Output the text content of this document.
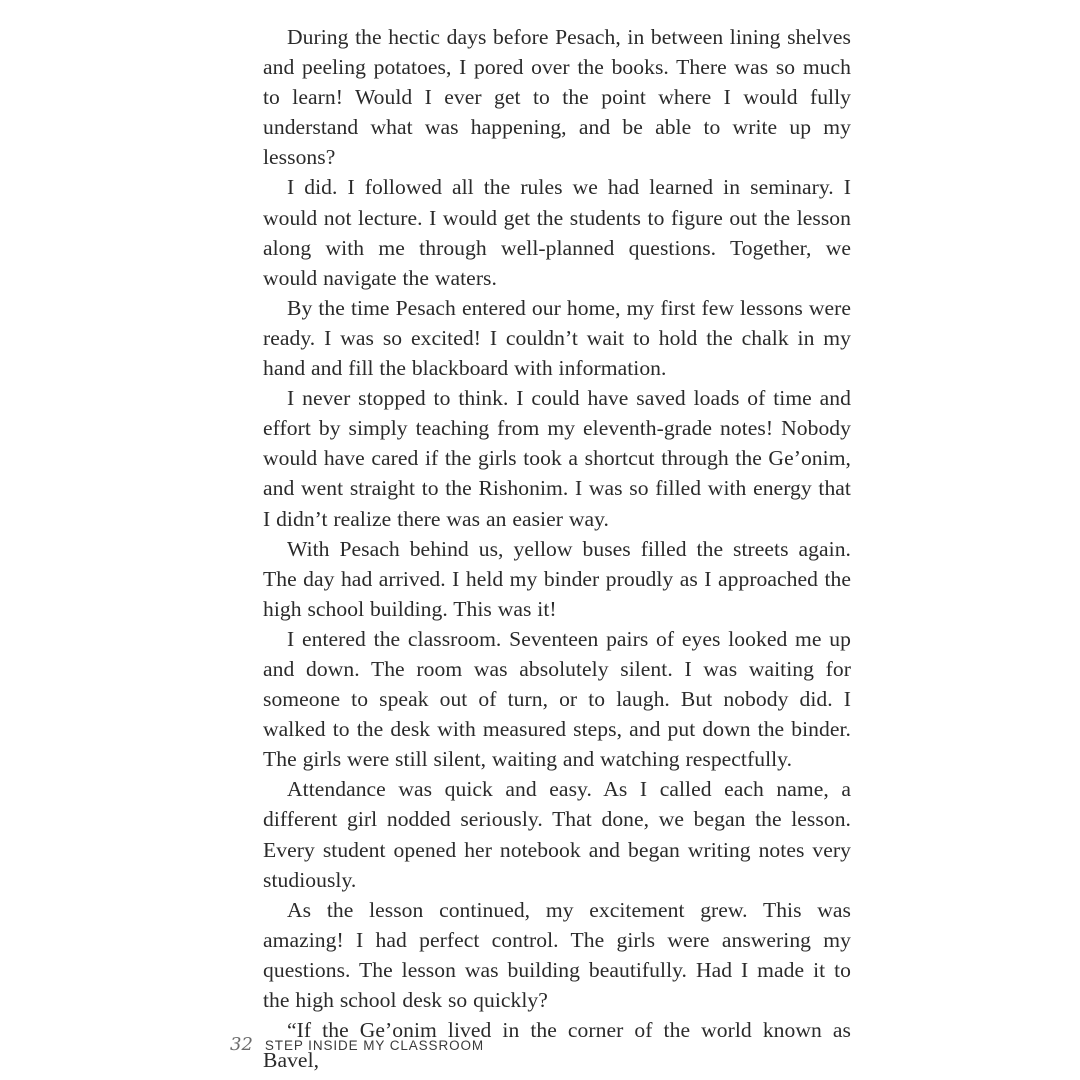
During the hectic days before Pesach, in between lining shelves and peeling potatoes, I pored over the books. There was so much to learn! Would I ever get to the point where I would fully understand what was happening, and be able to write up my lessons?

I did. I followed all the rules we had learned in seminary. I would not lecture. I would get the students to figure out the lesson along with me through well-planned questions. Together, we would navigate the waters.

By the time Pesach entered our home, my first few lessons were ready. I was so excited! I couldn’t wait to hold the chalk in my hand and fill the blackboard with information.

I never stopped to think. I could have saved loads of time and effort by simply teaching from my eleventh-grade notes! Nobody would have cared if the girls took a shortcut through the Ge’onim, and went straight to the Rishonim. I was so filled with energy that I didn’t realize there was an easier way.

With Pesach behind us, yellow buses filled the streets again. The day had arrived. I held my binder proudly as I approached the high school building. This was it!

I entered the classroom. Seventeen pairs of eyes looked me up and down. The room was absolutely silent. I was waiting for someone to speak out of turn, or to laugh. But nobody did. I walked to the desk with measured steps, and put down the binder. The girls were still silent, waiting and watching respectfully.

Attendance was quick and easy. As I called each name, a different girl nodded seriously. That done, we began the lesson. Every student opened her notebook and began writing notes very studiously.

As the lesson continued, my excitement grew. This was amazing! I had perfect control. The girls were answering my questions. The lesson was building beautifully. Had I made it to the high school desk so quickly?

“If the Ge’onim lived in the corner of the world known as Bavel,

32 STEP INSIDE MY CLASSROOM
